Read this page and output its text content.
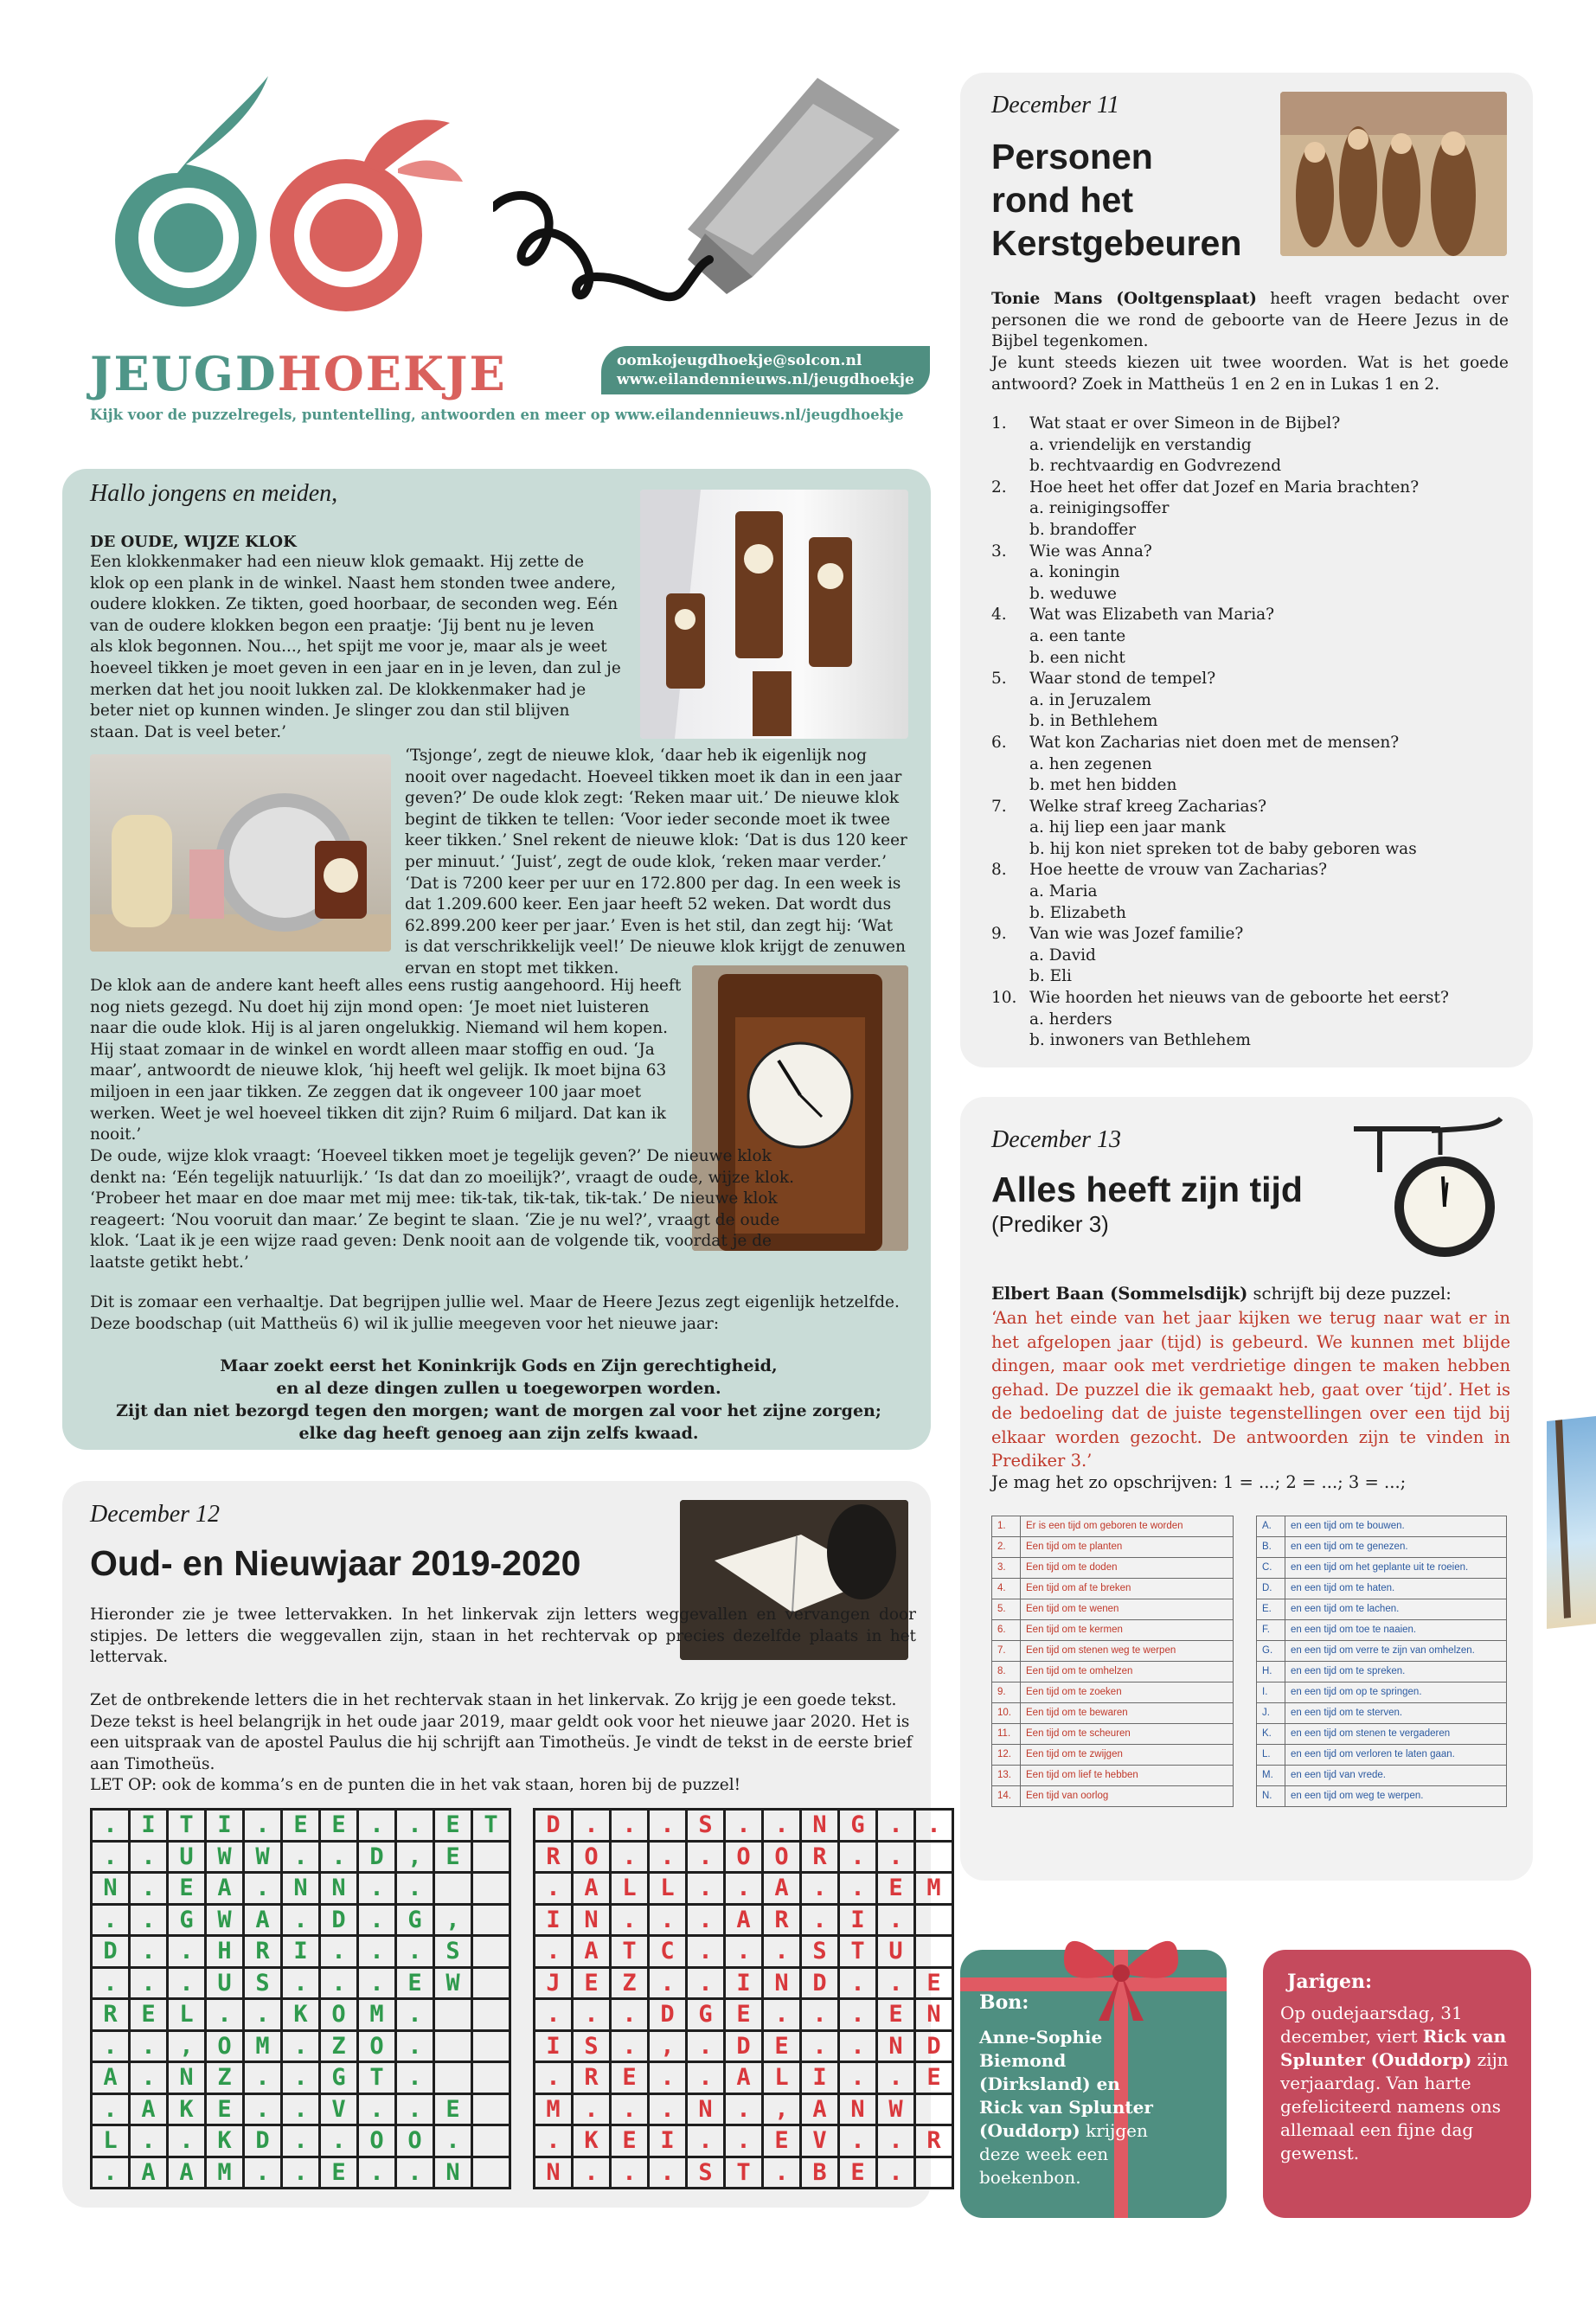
JEUGDHOEKJE	oomkojeugdhoekje@solcon.nl
www.eilandennieuws.nl/jeugdhoekje
Kijk voor de puzzelregels, puntentelling, antwoorden en meer op www.eilandennieuws.nl/jeugdhoekje
Hallo jongens en meiden,
DE OUDE, WIJZE KLOK

Een klokkenmaker had een nieuw klok gemaakt. Hij zette de klok op een plank in de winkel. Naast hem stonden twee andere, oudere klokken. Ze tikten, goed hoorbaar, de seconden weg. Eén van de oudere klokken begon een praatje: ‘Jij bent nu je leven als klok begonnen. Nou..., het spijt me voor je, maar als je weet hoeveel tikken je moet geven in een jaar en in je leven, dan zul je merken dat het jou nooit lukken zal. De klokkenmaker had je beter niet op kunnen winden. Je slinger zou dan stil blijven staan. Dat is veel beter.’

‘Tsjonge’, zegt de nieuwe klok, ‘daar heb ik eigenlijk nog nooit over nagedacht. Hoeveel tikken moet ik dan in een jaar geven?’ De oude klok zegt: ‘Reken maar uit.’ De nieuwe klok begint de tikken te tellen: ‘Voor ieder seconde moet ik twee keer tikken.’ Snel rekent de nieuwe klok: ‘Dat is dus 120 keer per minuut.’ ‘Juist’, zegt de oude klok, ‘reken maar verder.’ ‘Dat is 7200 keer per uur en 172.800 per dag. In een week is dat 1.209.600 keer. Een jaar heeft 52 weken. Dat wordt dus 62.899.200 keer per jaar.’ Even is het stil, dan zegt hij: ‘Wat is dat verschrikkelijk veel!’ De nieuwe klok krijgt de zenuwen ervan en stopt met tikken.

De klok aan de andere kant heeft alles eens rustig aangehoord. Hij heeft nog niets gezegd. Nu doet hij zijn mond open: ‘Je moet niet luisteren naar die oude klok. Hij is al jaren ongelukkig. Niemand wil hem kopen. Hij staat zomaar in de winkel en wordt alleen maar stoffig en oud. ‘Ja maar’, antwoordt de nieuwe klok, ‘hij heeft wel gelijk. Ik moet bijna 63 miljoen in een jaar tikken. Ze zeggen dat ik ongeveer 100 jaar moet werken. Weet je wel hoeveel tikken dit zijn? Ruim 6 miljard. Dat kan ik nooit.’

De oude, wijze klok vraagt: ‘Hoeveel tikken moet je tegelijk geven?’ De nieuwe klok denkt na: ‘Eén tegelijk natuurlijk.’ ‘Is dat dan zo moeilijk?’, vraagt de oude, wijze klok. ‘Probeer het maar en doe maar met mij mee: tik-tak, tik-tak, tik-tak.’ De nieuwe klok reageert: ‘Nou vooruit dan maar.’ Ze begint te slaan. ‘Zie je nu wel?’, vraagt de oude klok. ‘Laat ik je een wijze raad geven: Denk nooit aan de volgende tik, voordat je de laatste getikt hebt.’

Dit is zomaar een verhaaltje. Dat begrijpen jullie wel. Maar de Heere Jezus zegt eigenlijk hetzelfde. Deze boodschap (uit Mattheüs 6) wil ik jullie meegeven voor het nieuwe jaar:

Maar zoekt eerst het Koninkrijk Gods en Zijn gerechtigheid,
en al deze dingen zullen u toegeworpen worden.
Zijt dan niet bezorgd tegen den morgen; want de morgen zal voor het zijne zorgen;
elke dag heeft genoeg aan zijn zelfs kwaad.
December 12
Oud- en Nieuwjaar 2019-2020

Hieronder zie je twee lettervakken. In het linkervak zijn letters weggevallen en vervangen door stipjes. De letters die weggevallen zijn, staan in het rechtervak op precies dezelfde plaats in het lettervak.

Zet de ontbrekende letters die in het rechtervak staan in het linkervak. Zo krijg je een goede tekst. Deze tekst is heel belangrijk in het oude jaar 2019, maar geldt ook voor het nieuwe jaar 2020. Het is een uitspraak van de apostel Paulus die hij schrijft aan Timotheüs. Je vindt de tekst in de eerste brief aan Timotheüs.

LET OP: ook de komma’s en de punten die in het vak staan, horen bij de puzzel!

.	I	T	I	.	E	E	.	.	E	T
.	.	U	W	W	.	.	D	,	E	
N	.	E	A	.	N	N	.	.		
.	.	G	W	A	.	D	.	G	,	
D	.	.	H	R	I	.	.	.	S	
.	.	.	U	S	.	.	.	E	W	
R	E	L	.	.	K	O	M	.		
.	.	,	O	M	.	Z	O	.		
A	.	N	Z	.	.	G	T	.		
.	A	K	E	.	.	V	.	.	E	
L	.	.	K	D	.	.	O	O	.	
.	A	A	M	.	.	E	.	.	N	
D	.	.	.	S	.	.	N	G	.	.
R	O	.	.	.	O	O	R	.	.	
.	A	L	L	.	.	A	.	.	E	M
I	N	.	.	.	A	R	.	I	.	
.	A	T	C	.	.	.	S	T	U	
J	E	Z	.	.	I	N	D	.	.	E
.	.	.	D	G	E	.	.	.	E	N
I	S	.	,	.	D	E	.	.	N	D
.	R	E	.	.	A	L	I	.	.	E
M	.	.	.	N	.	,	A	N	W	
.	K	E	I	.	.	E	V	.	.	R
N	.	.	.	S	T	.	B	E	.	
December 11
Personen
rond het
Kerstgebeuren

Tonie Mans (Ooltgensplaat) heeft vragen bedacht over personen die we rond de geboorte van de Heere Jezus in de Bijbel tegenkomen.

Je kunt steeds kiezen uit twee woorden. Wat is het goede antwoord? Zoek in Mattheüs 1 en 2 en in Lukas 1 en 2.

1. Wat staat er over Simeon in de Bijbel?
a. vriendelijk en verstandig
b. rechtvaardig en Godvrezend
2. Hoe heet het offer dat Jozef en Maria brachten?
a. reinigingsoffer
b. brandoffer
3. Wie was Anna?
a. koningin
b. weduwe
4. Wat was Elizabeth van Maria?
a. een tante
b. een nicht
5. Waar stond de tempel?
a. in Jeruzalem
b. in Bethlehem
6. Wat kon Zacharias niet doen met de mensen?
a. hen zegenen
b. met hen bidden
7. Welke straf kreeg Zacharias?
a. hij liep een jaar mank
b. hij kon niet spreken tot de baby geboren was
8. Hoe heette de vrouw van Zacharias?
a. Maria
b. Elizabeth
9. Van wie was Jozef familie?
a. David
b. Eli
10. Wie hoorden het nieuws van de geboorte het eerst?
a. herders
b. inwoners van Bethlehem
December 13
Alles heeft zijn tijd
(Prediker 3)

Elbert Baan (Sommelsdijk) schrijft bij deze puzzel:

‘Aan het einde van het jaar kijken we terug naar wat er in het afgelopen jaar (tijd) is gebeurd. We kunnen met blijde dingen, maar ook met verdrietige dingen te maken hebben gehad. De puzzel die ik gemaakt heb, gaat over ‘tijd’. Het is de bedoeling dat de juiste tegenstellingen over een tijd bij elkaar worden gezocht. De antwoorden zijn te vinden in Prediker 3.’

Je mag het zo opschrijven: 1 = ...; 2 = ...; 3 = ...;

1.	Er is een tijd om geboren te worden
2.	Een tijd om te planten
3.	Een tijd om te doden
4.	Een tijd om af te breken
5.	Een tijd om te wenen
6.	Een tijd om te kermen
7.	Een tijd om stenen weg te werpen
8.	Een tijd om te omhelzen
9.	Een tijd om te zoeken
10.	Een tijd om te bewaren
11.	Een tijd om te scheuren
12.	Een tijd om te zwijgen
13.	Een tijd om lief te hebben
14.	Een tijd van oorlog
A.	en een tijd om te bouwen.
B.	en een tijd om te genezen.
C.	en een tijd om het geplante uit te roeien.
D.	en een tijd om te haten.
E.	en een tijd om te lachen.
F.	en een tijd om toe te naaien.
G.	en een tijd om verre te zijn van omhelzen.
H.	en een tijd om te spreken.
I.	en een tijd om op te springen.
J.	en een tijd om te sterven.
K.	en een tijd om stenen te vergaderen
L.	en een tijd om verloren te laten gaan.
M.	en een tijd van vrede.
N.	en een tijd om weg te werpen.
Bon:

Anne-Sophie Biemond (Dirksland) en Rick van Splunter (Ouddorp) krijgen deze week een boekenbon.

Jarigen:

Op oudejaarsdag, 31 december, viert Rick van Splunter (Ouddorp) zijn verjaardag. Van harte gefeliciteerd namens ons allemaal een fijne dag gewenst.
